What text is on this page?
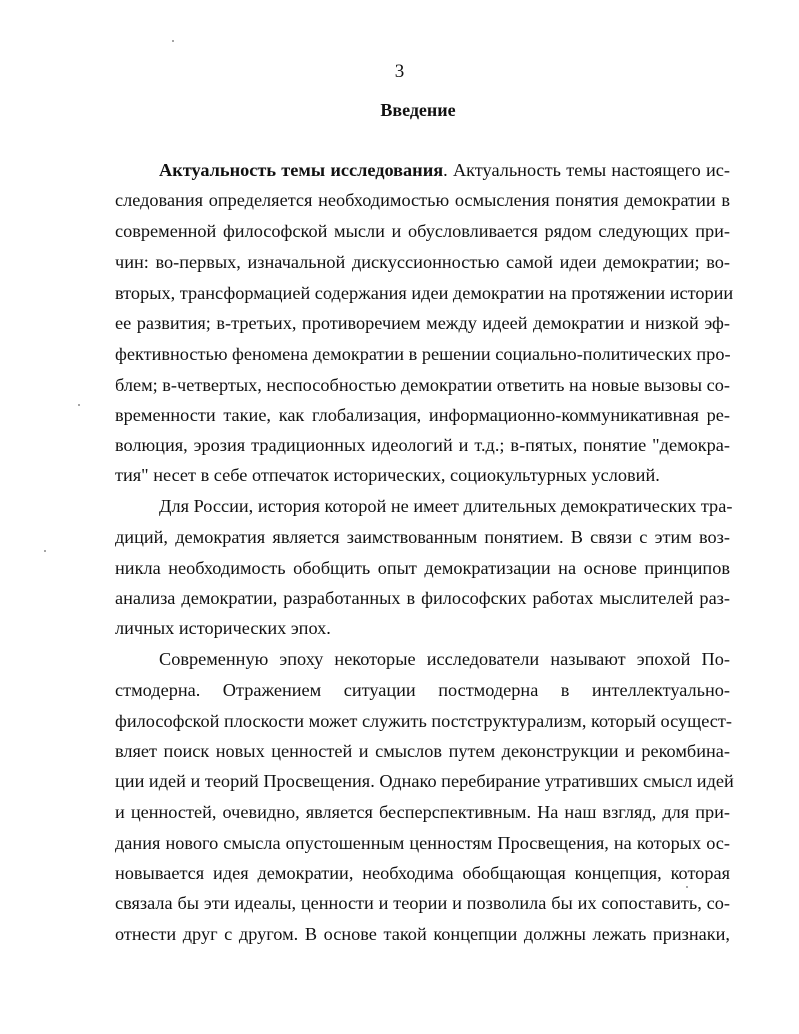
3
Введение
Актуальность темы исследования. Актуальность темы настоящего ис-
следования определяется необходимостью осмысления понятия демократии в
современной философской мысли и обусловливается рядом следующих при-
чин: во-первых, изначальной дискуссионностью самой идеи демократии; во-
вторых, трансформацией содержания идеи демократии на протяжении истории
ее развития; в-третьих, противоречием между идеей демократии и низкой эф-
фективностью феномена демократии в решении социально-политических про-
блем; в-четвертых, неспособностью демократии ответить на новые вызовы со-
временности такие, как глобализация, информационно-коммуникативная ре-
волюция, эрозия традиционных идеологий и т.д.; в-пятых, понятие "демокра-
тия" несет в себе отпечаток исторических, социокультурных условий.
Для России, история которой не имеет длительных демократических тра-
диций, демократия является заимствованным понятием. В связи с этим воз-
никла необходимость обобщить опыт демократизации на основе принципов
анализа демократии, разработанных в философских работах мыслителей раз-
личных исторических эпох.
Современную эпоху некоторые исследователи называют эпохой По-
стмодерна. Отражением ситуации постмодерна в интеллектуально-
философской плоскости может служить постструктурализм, который осущест-
вляет поиск новых ценностей и смыслов путем деконструкции и рекомбина-
ции идей и теорий Просвещения. Однако перебирание утративших смысл идей
и ценностей, очевидно, является бесперспективным. На наш взгляд, для при-
дания нового смысла опустошенным ценностям Просвещения, на которых ос-
новывается идея демократии, необходима обобщающая концепция, которая
связала бы эти идеалы, ценности и теории и позволила бы их сопоставить, со-
отнести друг с другом. В основе такой концепции должны лежать признаки,
